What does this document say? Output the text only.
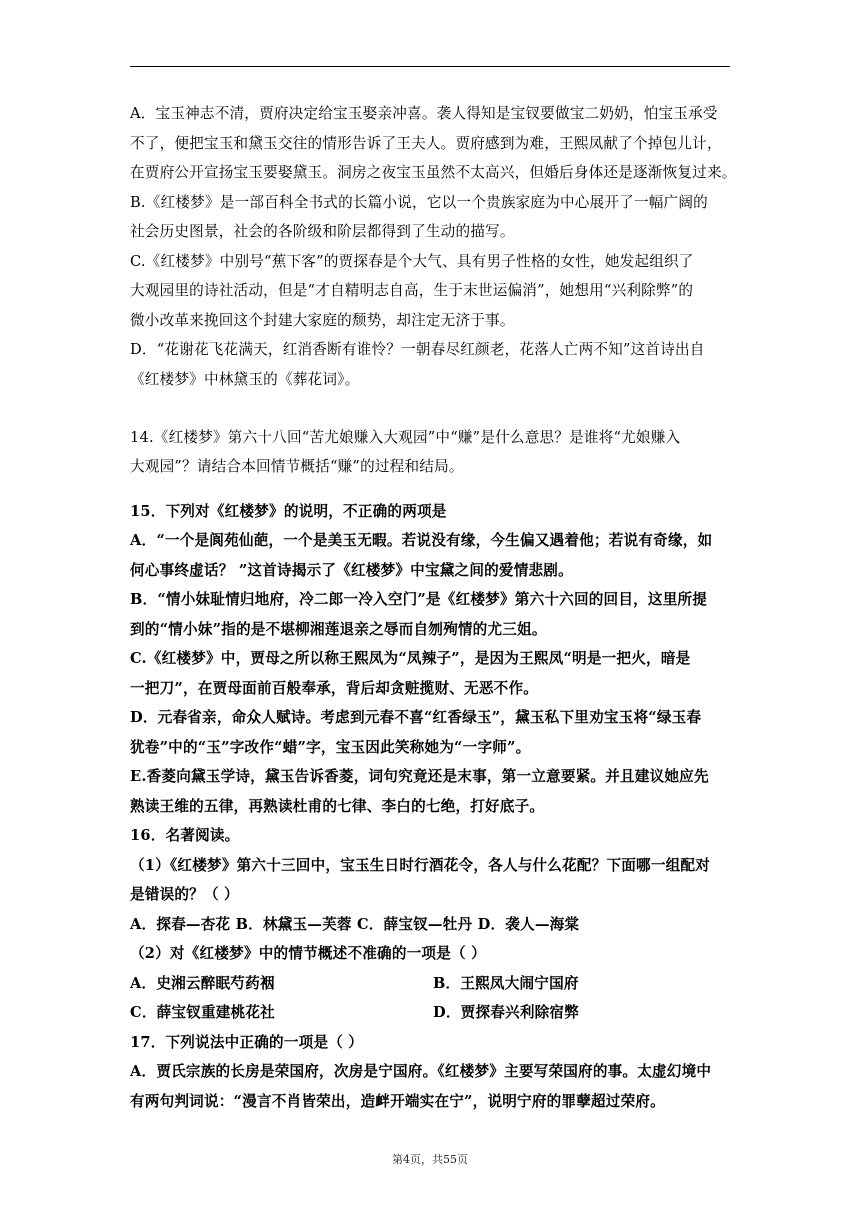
A．宝玉神志不清，贾府决定给宝玉娶亲冲喜。袭人得知是宝钗要做宝二奶奶，怕宝玉承受
不了，便把宝玉和黛玉交往的情形告诉了王夫人。贾府感到为难，王熙凤献了个掉包儿计，
在贾府公开宣扬宝玉要娶黛玉。洞房之夜宝玉虽然不太高兴，但婚后身体还是逐渐恢复过来。
B.《红楼梦》是一部百科全书式的长篇小说，它以一个贵族家庭为中心展开了一幅广阔的
社会历史图景，社会的各阶级和阶层都得到了生动的描写。
C.《红楼梦》中别号“蕉下客”的贾探春是个大气、具有男子性格的女性，她发起组织了
大观园里的诗社活动，但是“才自精明志自高，生于末世运偏消”，她想用“兴利除弊”的
微小改革来挽回这个封建大家庭的颓势，却注定无济于事。
D．“花谢花飞花满天，红消香断有谁怜？一朝春尽红颜老，花落人亡两不知”这首诗出自
《红楼梦》中林黛玉的《葬花词》。
14.《红楼梦》第六十八回“苦尤娘赚入大观园”中“赚”是什么意思？是谁将“尤娘赚入
大观园”？请结合本回情节概括“赚”的过程和结局。
15．下列对《红楼梦》的说明，不正确的两项是
A．“一个是阆苑仙葩，一个是美玉无暇。若说没有缘，今生偏又遇着他；若说有奇缘，如
何心事终虚话？ ”这首诗揭示了《红楼梦》中宝黛之间的爱情悲剧。
B．“情小妹耻情归地府，冷二郎一冷入空门”是《红楼梦》第六十六回的回目，这里所提
到的“情小妹”指的是不堪柳湘莲退亲之辱而自刎殉情的尤三姐。
C.《红楼梦》中，贾母之所以称王熙凤为“凤辣子”，是因为王熙凤“明是一把火，暗是
一把刀”，在贾母面前百般奉承，背后却贪赃揽财、无恶不作。
D．元春省亲，命众人赋诗。考虑到元春不喜“红香绿玉”，黛玉私下里劝宝玉将“绿玉春
犹卷”中的“玉”字改作“蜡”字，宝玉因此笑称她为“一字师”。
E.香菱向黛玉学诗，黛玉告诉香菱，词句究竟还是末事，第一立意要紧。并且建议她应先
熟读王维的五律，再熟读杜甫的七律、李白的七绝，打好底子。
16．名著阅读。
（1）《红楼梦》第六十三回中，宝玉生日时行酒花令，各人与什么花配？下面哪一组配对
是错误的？（ ）
A．探春—杏花 B．林黛玉—芙蓉 C．薛宝钗—牡丹 D．袭人—海棠
（2）对《红楼梦》中的情节概述不准确的一项是（ ）
A．史湘云醉眠芍药裀	B．王熙凤大闹宁国府
C．薛宝钗重建桃花社	D．贾探春兴利除宿弊
17．下列说法中正确的一项是（ ）
A．贾氏宗族的长房是荣国府，次房是宁国府。《红楼梦》主要写荣国府的事。太虚幻境中
有两句判词说：“漫言不肖皆荣出，造衅开端实在宁”，说明宁府的罪孽超过荣府。
第4页，共55页
